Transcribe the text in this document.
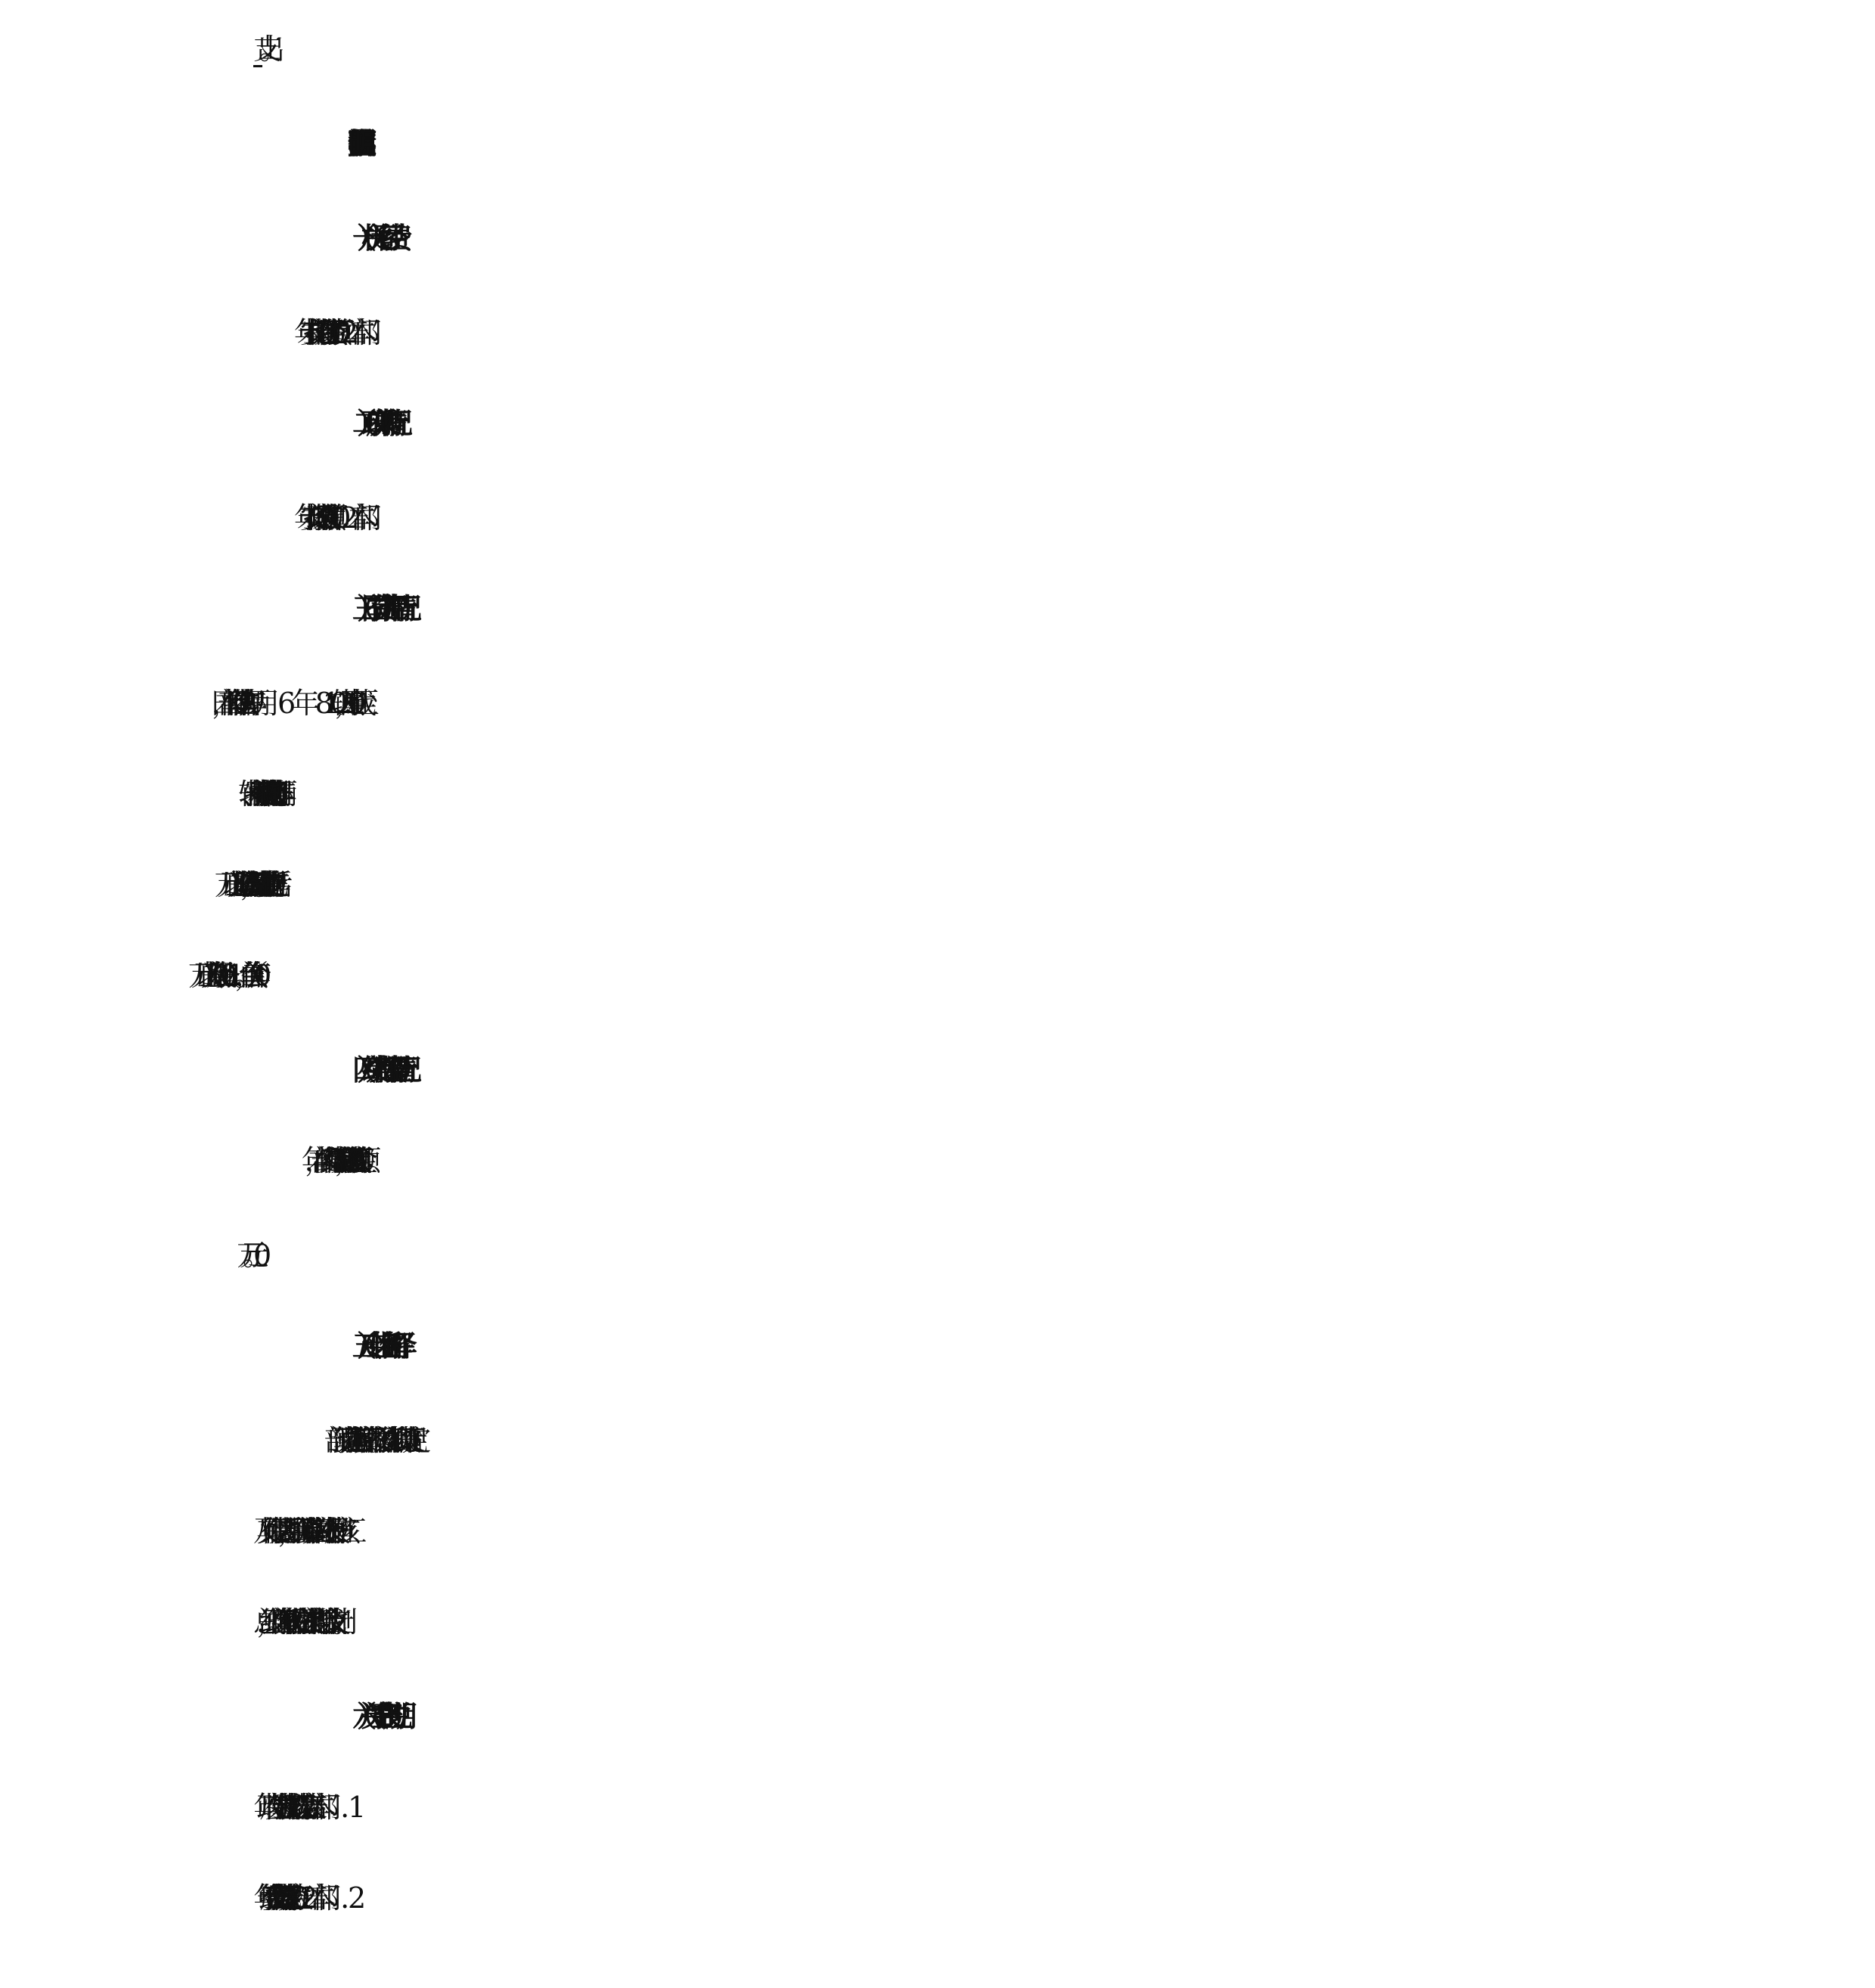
支出。
四、其他重要事项的情况说明
（一）机关运行经费
（二）政府采购情况
（三）国有资产占用情况
一般公务用车 辆、特种专业技术用车辆、
（四）绩效目标设置情况
个，涉及预算金额
（五）专业性名词解释
1.部门预算。是指主管预算部门依据相关法律、法规和政策规定
及其行使职能需要，组织所属预算单位编制并逐级上报、审核、汇
总，经财政部门审核后按程序依法批准的部门综合收支计划。
（六）关于空表的说明
